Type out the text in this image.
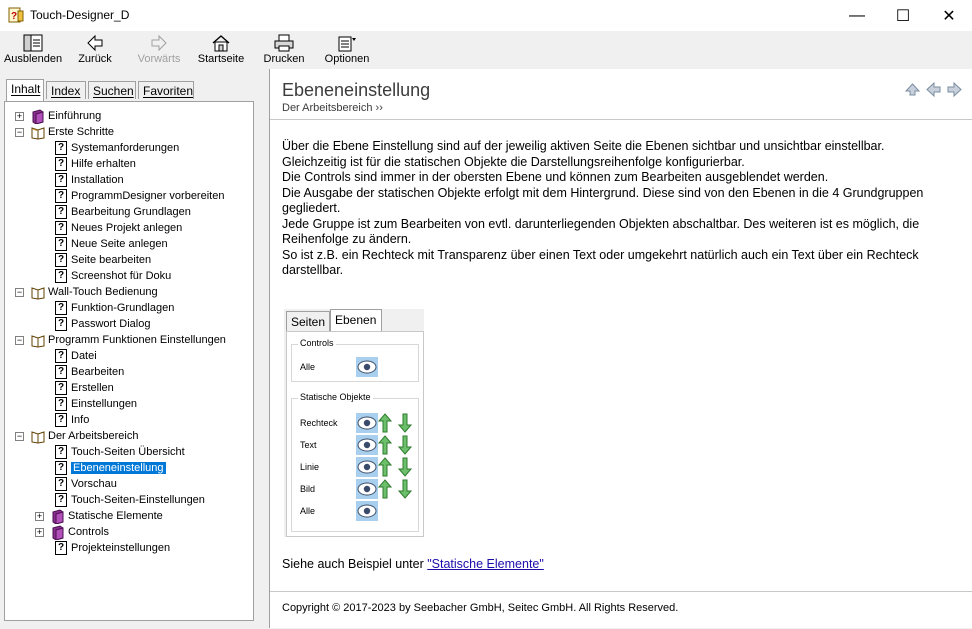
? Touch-Designer_D	— ☐ ✕
Ausblenden Zurück Vorwärts Startseite Drucken Optionen
Inhalt Index	Suchen Favoriten
+ Einführung
− Erste Schritte
? Systemanforderungen
? Hilfe erhalten
? Installation
? ProgrammDesigner vorbereiten
? Bearbeitung Grundlagen
? Neues Projekt anlegen
? Neue Seite anlegen
? Seite bearbeiten
? Screenshot für Doku
− Wall-Touch Bedienung
? Funktion-Grundlagen
? Passwort Dialog
− Programm Funktionen Einstellungen
? Datei
? Bearbeiten
? Erstellen
? Einstellungen
? Info
− Der Arbeitsbereich
? Touch-Seiten Übersicht
? Ebeneneinstellung
? Vorschau
? Touch-Seiten-Einstellungen
+ Statische Elemente
+ Controls
? Projekteinstellungen
Ebeneneinstellung
Der Arbeitsbereich ››

Über die Ebene Einstellung sind auf der jeweilig aktiven Seite die Ebenen sichtbar und unsichtbar einstellbar.

Gleichzeitig ist für die statischen Objekte die Darstellungsreihenfolge konfigurierbar.

Die Controls sind immer in der obersten Ebene und können zum Bearbeiten ausgeblendet werden.

Die Ausgabe der statischen Objekte erfolgt mit dem Hintergrund. Diese sind von den Ebenen in die 4 Grundgruppen gegliedert.

Jede Gruppe ist zum Bearbeiten von evtl. darunterliegenden Objekten abschaltbar. Des weiteren ist es möglich, die Reihenfolge zu ändern.

So ist z.B. ein Rechteck mit Transparenz über einen Text oder umgekehrt natürlich auch ein Text über ein Rechteck darstellbar.

Seiten Ebenen
Controls
Alle
Statische Objekte
Rechteck
Text
Linie
Bild
Alle
Siehe auch Beispiel unter "Statische Elemente"
Copyright © 2017-2023 by Seebacher GmbH, Seitec GmbH. All Rights Reserved.
